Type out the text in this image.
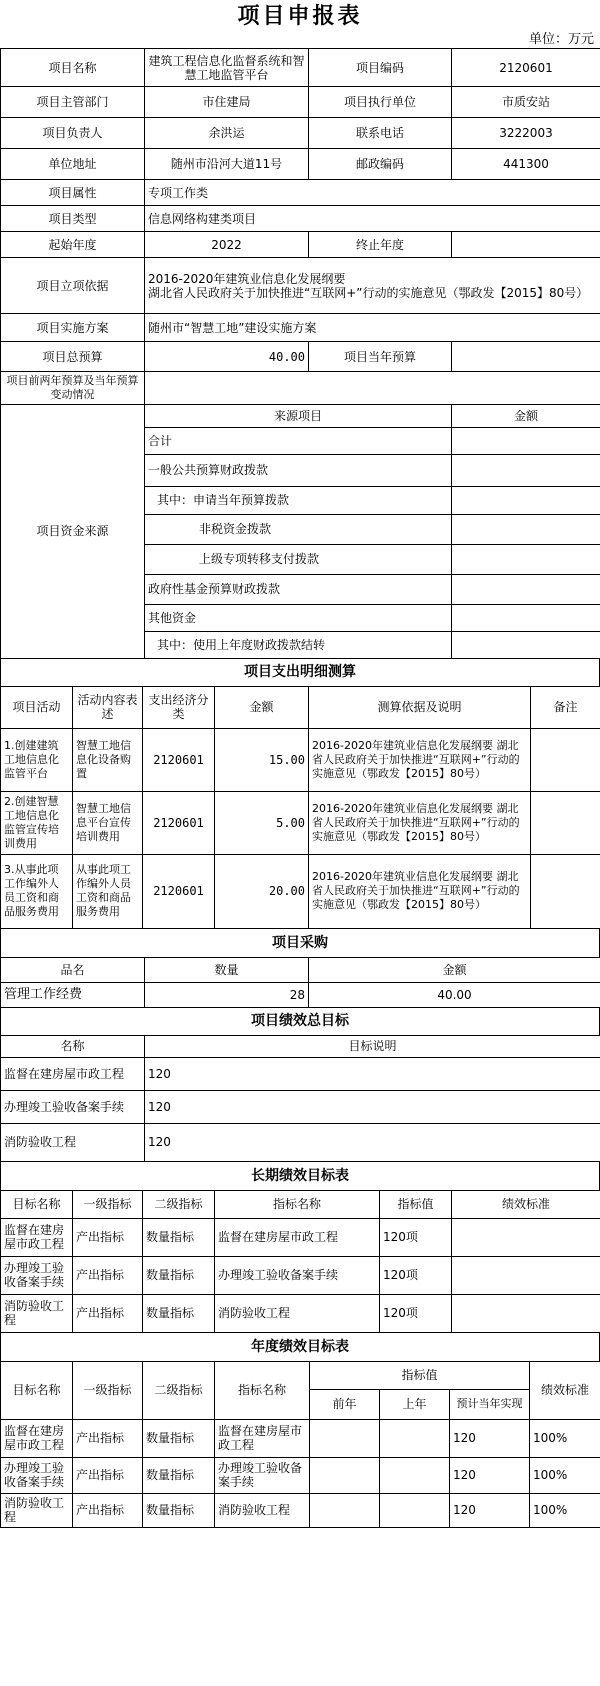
项目申报表
单位：万元
项目名称	建筑工程信息化监督系统和智慧工地监管平台	项目编码	2120601
项目主管部门	市住建局	项目执行单位	市质安站
项目负责人	余洪运	联系电话	3222003
单位地址	随州市沿河大道11号	邮政编码	441300
项目属性	专项工作类		
项目类型	信息网络构建类项目		
起始年度	2022	终止年度	
项目立项依据	2016-2020年建筑业信息化发展纲要
湖北省人民政府关于加快推进“互联网+”行动的实施意见（鄂政发【2015】80号）		

项目实施方案	随州市“智慧工地”建设实施方案		
项目总预算	40.00	项目当年预算	
项目前两年预算及当年预算变动情况			
项目资金来源	来源项目	金额
	合计	
	一般公共预算财政拨款	
	其中：申请当年预算拨款	
	非税资金拨款	
	上级专项转移支付拨款	
	政府性基金预算财政拨款	
	其他资金	
	其中：使用上年度财政拨款结转	
项目支出明细测算
项目活动	活动内容表述	支出经济分类	金额	测算依据及说明	备注
1.创建建筑工地信息化监管平台	智慧工地信息化设备购置	2120601	15.00	2016-2020年建筑业信息化发展纲要 湖北省人民政府关于加快推进“互联网+”行动的实施意见（鄂政发【2015】80号）	
2.创建智慧工地信息化监管宣传培训费用	智慧工地信息平台宣传培训费用	2120601	5.00	2016-2020年建筑业信息化发展纲要 湖北省人民政府关于加快推进“互联网+”行动的实施意见（鄂政发【2015】80号）	
3.从事此项工作编外人员工资和商品服务费用	从事此项工作编外人员工资和商品服务费用	2120601	20.00	2016-2020年建筑业信息化发展纲要 湖北省人民政府关于加快推进“互联网+”行动的实施意见（鄂政发【2015】80号）	
项目采购
品名	数量	金额
管理工作经费	28	40.00
项目绩效总目标
名称	目标说明
监督在建房屋市政工程	120
办理竣工验收备案手续	120
消防验收工程	120
长期绩效目标表
目标名称	一级指标	二级指标	指标名称	指标值	绩效标准
监督在建房屋市政工程	产出指标	数量指标	监督在建房屋市政工程	120项	
办理竣工验收备案手续	产出指标	数量指标	办理竣工验收备案手续	120项	
消防验收工程	产出指标	数量指标	消防验收工程	120项	
年度绩效目标表
目标名称	一级指标	二级指标	指标名称	指标值			绩效标准
				前年	上年	预计当年实现	
监督在建房屋市政工程	产出指标	数量指标	监督在建房屋市政工程			120	100%
办理竣工验收备案手续	产出指标	数量指标	办理竣工验收备案手续			120	100%
消防验收工程	产出指标	数量指标	消防验收工程			120	100%
